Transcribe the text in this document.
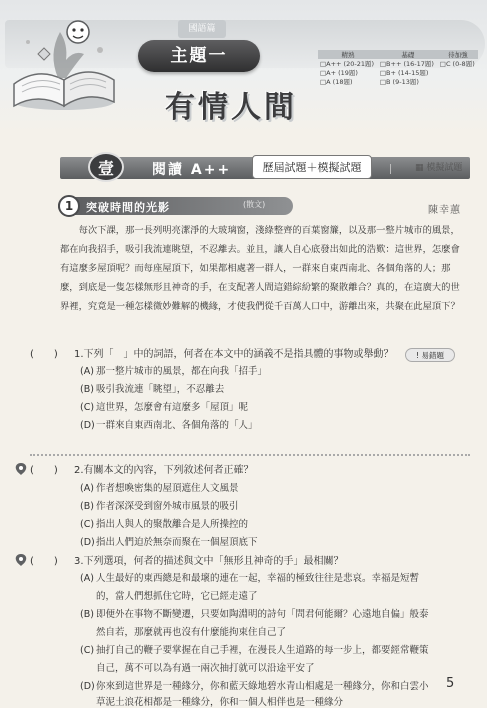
國語篇
主題一
有情人間
精熟	基礎	待加強
□A++ (20-21題)	□B++ (16-17題)	□C (0-8題)
□A+ (19題)	□B+ (14-15題)	
□A (18題)	□B (9-13題)	
壹	閱讀 A++	歷屆試題＋模擬試題	▦ 模擬試題
1	突破時間的光影	(散文)
陳幸蕙

每次下課，那一長列明亮潔淨的大玻璃窗，淺綠整齊的百葉窗簾，以及那一整片城市的風景，都在向我招手，吸引我流連眺望，不忍離去。並且，讓人自心底發出如此的浩歎：這世界，怎麼會有這麼多屋頂呢？而每座屋頂下，如果都相處著一群人，一群來自東西南北、各個角落的人；那麼，到底是一隻怎樣無形且神奇的手，在支配著人間這錯綜紛繁的聚散離合？真的，在這廣大的世界裡，究竟是一種怎樣微妙難解的機緣，才使我們從千百萬人口中，游離出來，共聚在此屋頂下？

(　　) 1.下列「　」中的詞語，何者在本文中的涵義不是指具體的事物或舉動？	! 易錯題
(A) 那一整片城市的風景，都在向我「招手」
(B) 吸引我流連「眺望」，不忍離去
(C) 這世界，怎麼會有這麼多「屋頂」呢
(D)一群來自東西南北、各個角落的「人」
(　　) 2.有關本文的內容，下列敘述何者正確？
(A) 作者想喚密集的屋頂遮住人文風景
(B) 作者深深受到窗外城市風景的吸引
(C) 指出人與人的聚散離合是人所操控的
(D)指出人們迫於無奈而聚在一個屋頂底下
(　　) 3.下列選項，何者的描述與文中「無形且神奇的手」最相關？
(A) 人生最好的東西總是和最壞的連在一起，幸福的極致往往是悲哀。幸福是短暫
的，當人們想抓住它時，它已經走遠了
(B) 即便外在事物不斷變遷，只要如陶淵明的詩句「問君何能爾？心遠地自偏」般泰
然自若，那麼就再也沒有什麼能拘束住自己了
(C) 抽打自己的鞭子要掌握在自己手裡，在漫長人生道路的每一步上，都要經常鞭策
自己，萬不可以為有過一兩次抽打就可以沿途平安了
(D)你來到這世界是一種緣分，你和藍天綠地碧水青山相處是一種緣分，你和白雲小
草泥土浪花相都是一種緣分，你和一個人相伴也是一種緣分
5
